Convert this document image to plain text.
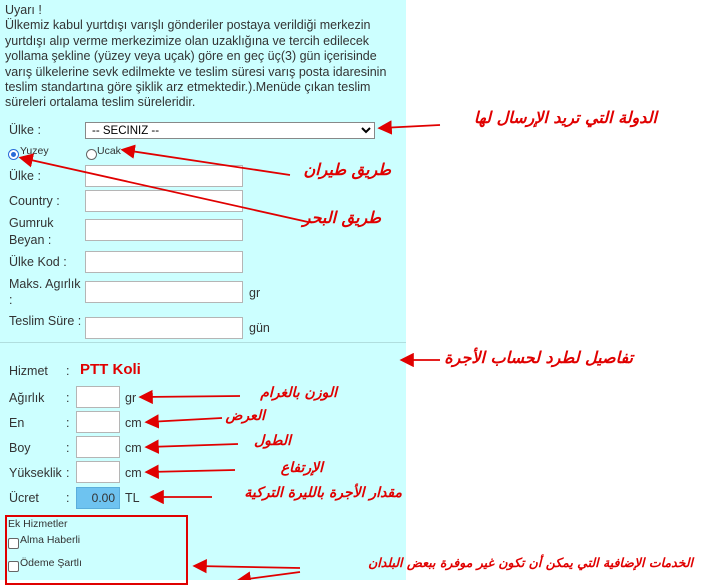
Uyarı !
Ülkemiz kabul yurtdışı varışlı gönderiler postaya verildiği merkezin
yurtdışı alıp verme merkezimize olan uzaklığına ve tercih edilecek
yollama şekline (yüzey veya uçak) göre en geç üç(3) gün içerisinde
varış ülkelerine sevk edilmekte ve teslim süresi varış posta idaresinin
teslim standartına göre şiklik arz etmektedir.).Menüde çıkan teslim
süreleri ortalama teslim süreleridir.
Ülke :
-- SECINIZ --
Yuzey	Ucak
Ülke :
Country :
Gumruk
Beyan :
Ülke Kod :
Maks. Agırlık
:	gr
Teslim Süre :	gün
Hizmet : PTT Koli
Ağırlık :	gr
En	:	cm
Boy	:	cm
Yükseklik :	cm
Ücret :	0.00 TL
Ek Hizmetler
Alma Haberli
Ödeme Şartlı
الدولة التي تريد الإرسال لها
طريق طيران
طريق البحر
تفاصيل لطرد لحساب الأجرة
الوزن بالغرام
العرض
الطول
الإرتفاع
مقدار الأجرة بالليرة التركية
الخدمات الإضافية التي يمكن أن تكون غير موفرة ببعض البلدان
